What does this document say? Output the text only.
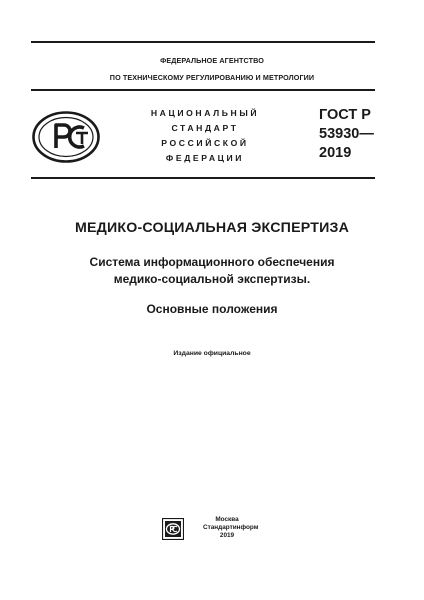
ФЕДЕРАЛЬНОЕ АГЕНТСТВО
ПО ТЕХНИЧЕСКОМУ РЕГУЛИРОВАНИЮ И МЕТРОЛОГИИ
НАЦИОНАЛЬНЫЙ
СТАНДАРТ
РОССИЙСКОЙ
ФЕДЕРАЦИИ
ГОСТ Р
53930—
2019
МЕДИКО-СОЦИАЛЬНАЯ ЭКСПЕРТИЗА
Система информационного обеспечения
медико-социальной экспертизы.
Основные положения
Издание официальное
Москва
Стандартинформ
2019
